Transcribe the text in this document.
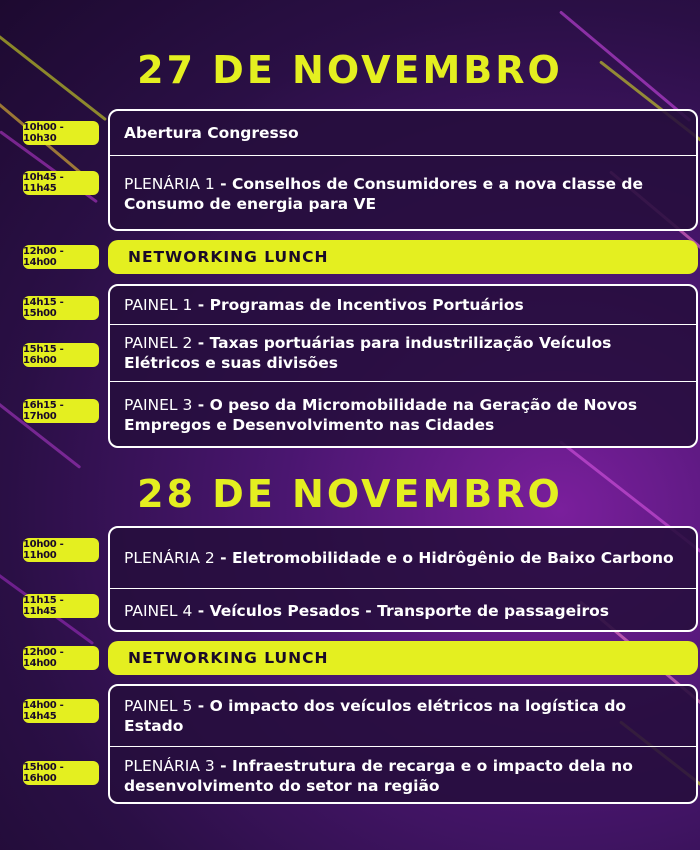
27 DE NOVEMBRO
10h00 - 10h30
10h45 - 11h45
Abertura Congresso
PLENÁRIA 1 - Conselhos de Consumidores e a nova classe de Consumo de energia para VE
12h00 - 14h00	NETWORKING LUNCH
14h15 - 15h00
15h15 - 16h00
16h15 - 17h00
PAINEL 1 - Programas de Incentivos Portuários
PAINEL 2 - Taxas portuárias para industrilização Veículos Elétricos e suas divisões
PAINEL 3 - O peso da Micromobilidade na Geração de Novos Empregos e Desenvolvimento nas Cidades
28 DE NOVEMBRO
10h00 - 11h00
11h15 - 11h45
PLENÁRIA 2 - Eletromobilidade e o Hidrôgênio de Baixo Carbono
PAINEL 4 - Veículos Pesados - Transporte de passageiros
12h00 - 14h00	NETWORKING LUNCH
14h00 - 14h45
15h00 - 16h00
PAINEL 5 - O impacto dos veículos elétricos na logística do Estado
PLENÁRIA 3 - Infraestrutura de recarga e o impacto dela no desenvolvimento do setor na região
